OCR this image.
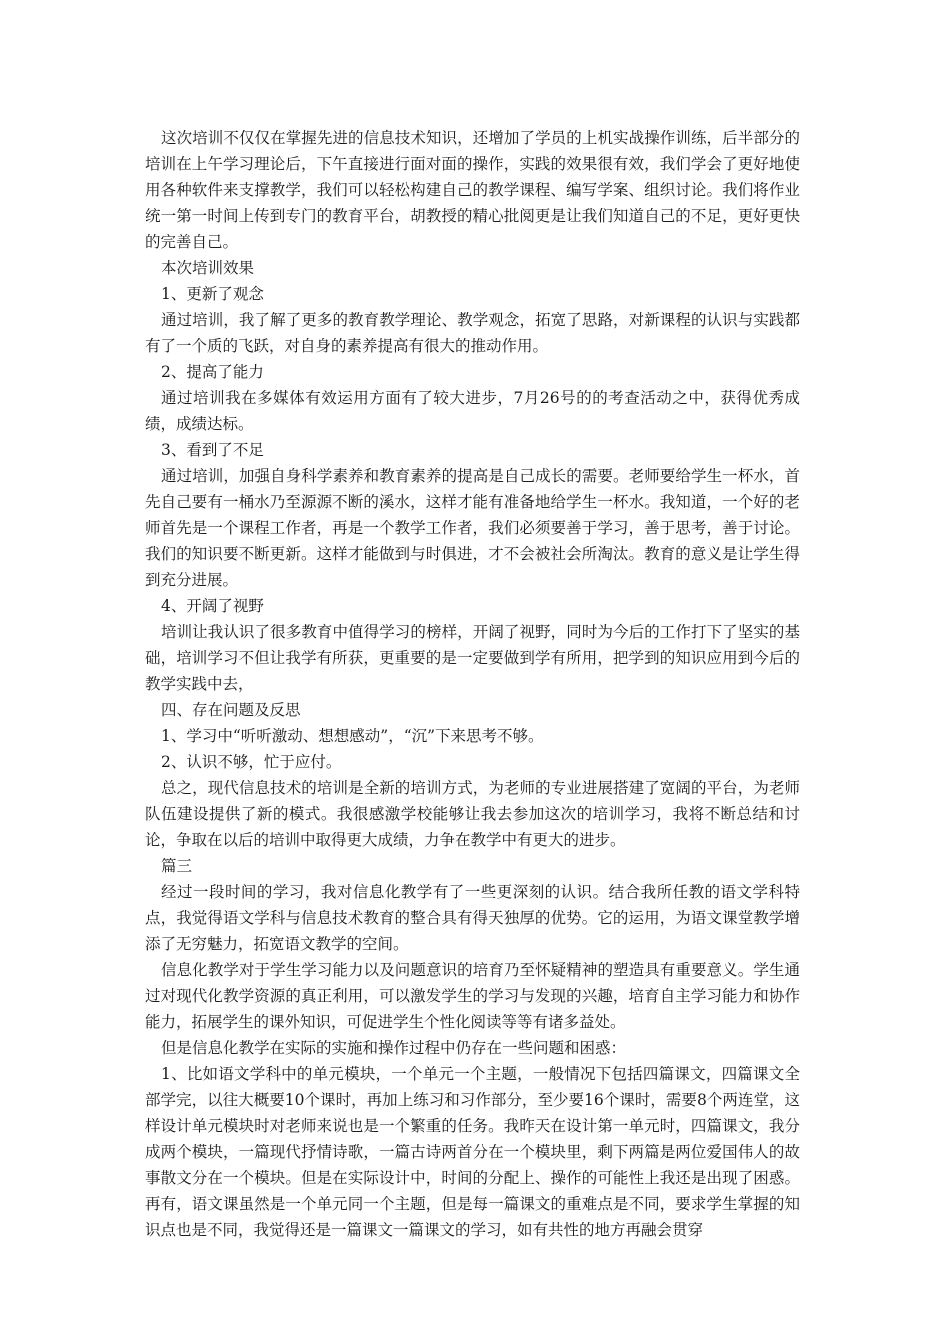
这次培训不仅仅在掌握先进的信息技术知识，还增加了学员的上机实战操作训练，后半部分的培训在上午学习理论后，下午直接进行面对面的操作，实践的效果很有效，我们学会了更好地使用各种软件来支撑教学，我们可以轻松构建自己的教学课程、编写学案、组织讨论。我们将作业统一第一时间上传到专门的教育平台，胡教授的精心批阅更是让我们知道自己的不足，更好更快的完善自己。

本次培训效果

1、更新了观念

通过培训，我了解了更多的教育教学理论、教学观念，拓宽了思路，对新课程的认识与实践都有了一个质的飞跃，对自身的素养提高有很大的推动作用。

2、提高了能力

通过培训我在多媒体有效运用方面有了较大进步，7月26号的的考查活动之中，获得优秀成绩，成绩达标。

3、看到了不足

通过培训，加强自身科学素养和教育素养的提高是自己成长的需要。老师要给学生一杯水，首先自己要有一桶水乃至源源不断的溪水，这样才能有准备地给学生一杯水。我知道，一个好的老师首先是一个课程工作者，再是一个教学工作者，我们必须要善于学习，善于思考，善于讨论。我们的知识要不断更新。这样才能做到与时俱进，才不会被社会所淘汰。教育的意义是让学生得到充分进展。

4、开阔了视野

培训让我认识了很多教育中值得学习的榜样，开阔了视野，同时为今后的工作打下了坚实的基础，培训学习不但让我学有所获，更重要的是一定要做到学有所用，把学到的知识应用到今后的教学实践中去，

四、存在问题及反思

1、学习中“听听激动、想想感动”，“沉”下来思考不够。

2、认识不够，忙于应付。

总之，现代信息技术的培训是全新的培训方式，为老师的专业进展搭建了宽阔的平台，为老师队伍建设提供了新的模式。我很感激学校能够让我去参加这次的培训学习，我将不断总结和讨论，争取在以后的培训中取得更大成绩，力争在教学中有更大的进步。

篇三

经过一段时间的学习，我对信息化教学有了一些更深刻的认识。结合我所任教的语文学科特点，我觉得语文学科与信息技术教育的整合具有得天独厚的优势。它的运用，为语文课堂教学增添了无穷魅力，拓宽语文教学的空间。

信息化教学对于学生学习能力以及问题意识的培育乃至怀疑精神的塑造具有重要意义。学生通过对现代化教学资源的真正利用，可以激发学生的学习与发现的兴趣，培育自主学习能力和协作能力，拓展学生的课外知识，可促进学生个性化阅读等等有诸多益处。

但是信息化教学在实际的实施和操作过程中仍存在一些问题和困惑：

1、比如语文学科中的单元模块，一个单元一个主题，一般情况下包括四篇课文，四篇课文全部学完，以往大概要10个课时，再加上练习和习作部分，至少要16个课时，需要8个两连堂，这样设计单元模块时对老师来说也是一个繁重的任务。我昨天在设计第一单元时，四篇课文，我分成两个模块，一篇现代抒情诗歌，一篇古诗两首分在一个模块里，剩下两篇是两位爱国伟人的故事散文分在一个模块。但是在实际设计中，时间的分配上、操作的可能性上我还是出现了困惑。再有，语文课虽然是一个单元同一个主题，但是每一篇课文的重难点是不同，要求学生掌握的知识点也是不同，我觉得还是一篇课文一篇课文的学习，如有共性的地方再融会贯穿
